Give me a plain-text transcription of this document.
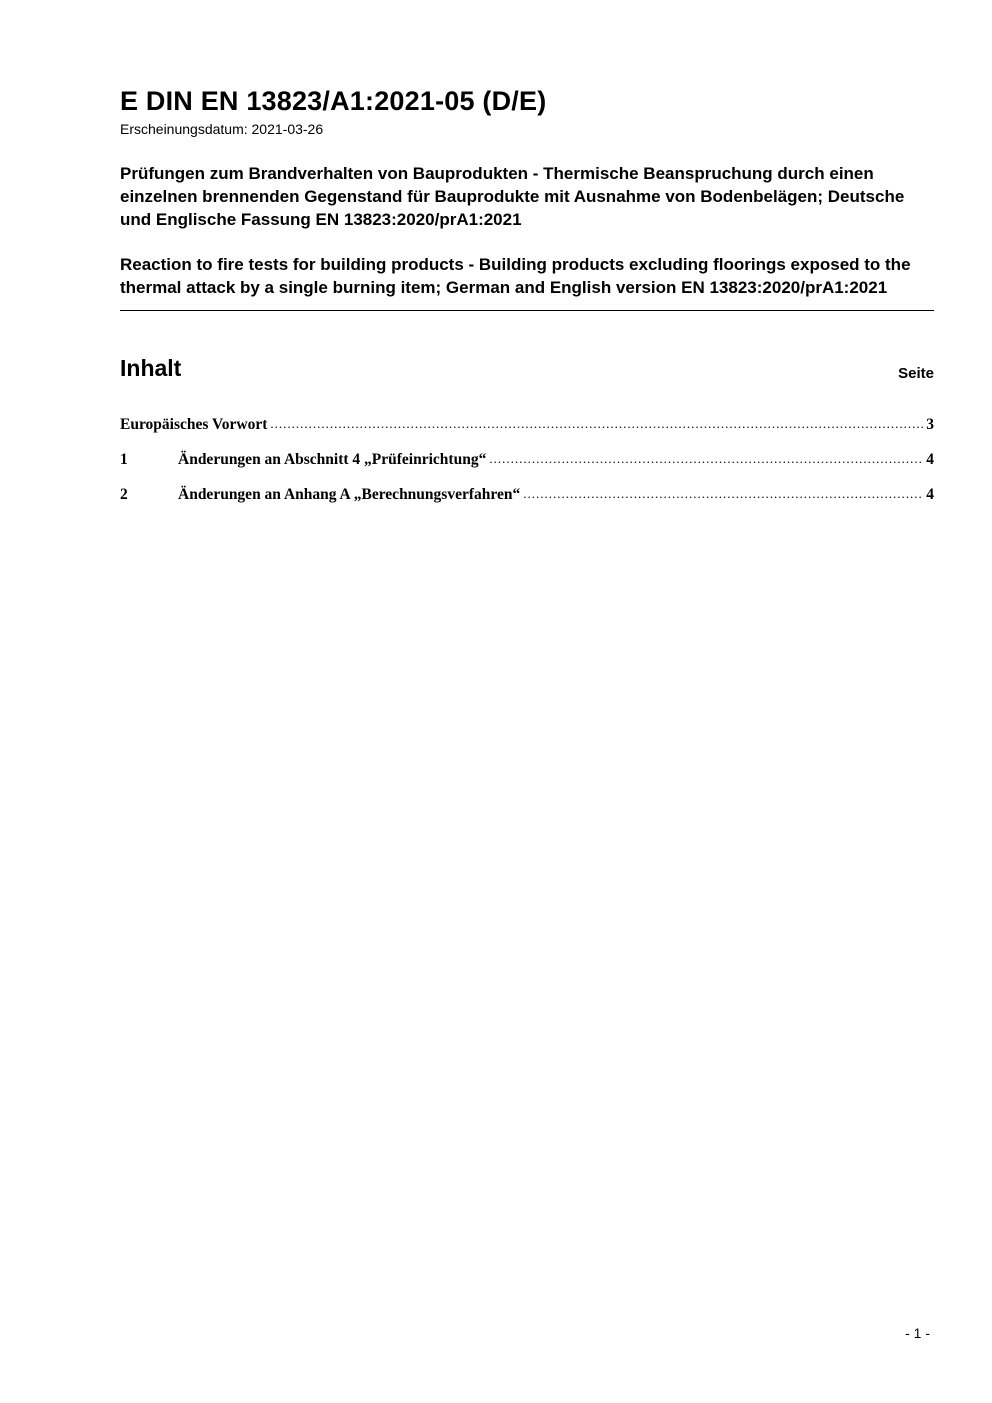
E DIN EN 13823/A1:2021-05 (D/E)
Erscheinungsdatum: 2021-03-26

Prüfungen zum Brandverhalten von Bauprodukten - Thermische Beanspruchung durch einen einzelnen brennenden Gegenstand für Bauprodukte mit Ausnahme von Bodenbelägen; Deutsche und Englische Fassung EN 13823:2020/prA1:2021

Reaction to fire tests for building products - Building products excluding floorings exposed to the thermal attack by a single burning item; German and English version EN 13823:2020/prA1:2021

Inhalt	Seite
Europäisches Vorwort .....	3
1	Änderungen an Abschnitt 4 „Prüfeinrichtung“ .....	4
2	Änderungen an Anhang A „Berechnungsverfahren“ .....	4
- 1 -
